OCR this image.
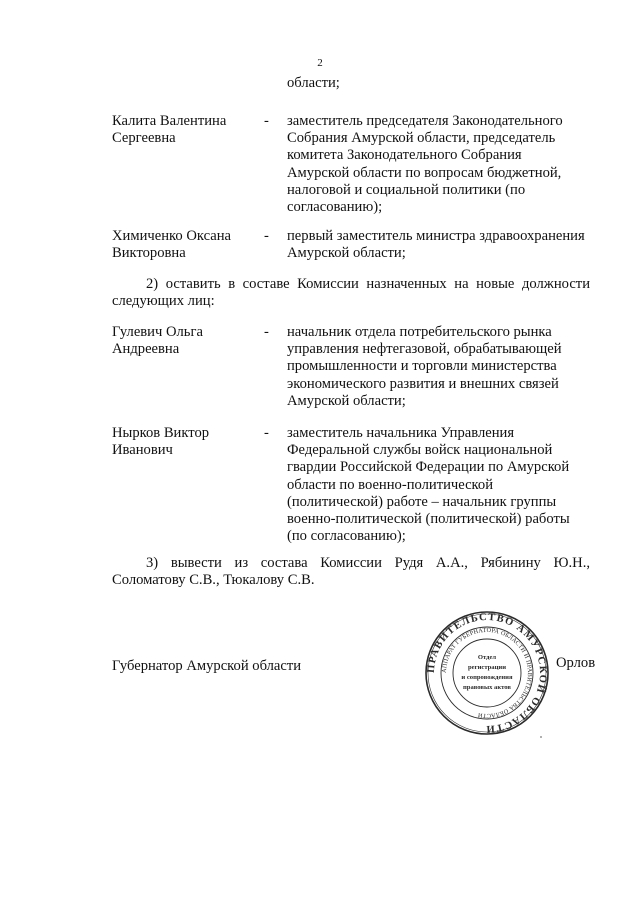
2
области;
Калита Валентина
Сергеевна
- заместитель председателя Законодательного
Собрания Амурской области, председатель
комитета Законодательного Собрания
Амурской области по вопросам бюджетной,
налоговой и социальной политики (по
согласованию);
Химиченко Оксана
Викторовна
- первый заместитель министра здравоохранения
Амурской области;
2) оставить в составе Комиссии назначенных на новые должности
следующих лиц:
Гулевич Ольга
Андреевна
- начальник отдела потребительского рынка
управления нефтегазовой, обрабатывающей
промышленности и торговли министерства
экономического развития и внешних связей
Амурской области;
Нырков Виктор
Иванович
- заместитель начальника Управления
Федеральной службы войск национальной
гвардии Российской Федерации по Амурской
области по военно-политической
(политической) работе – начальник группы
военно-политической (политической) работы
(по согласованию);
3) вывести из состава Комиссии Рудя А.А., Рябинину Ю.Н.,
Соломатову С.В., Тюкалову С.В.
Губернатор Амурской области	Орлов
ПРАВИТЕЛЬСТВО АМУРСКОЙ ОБЛАСТИ
АППАРАТ ГУБЕРНАТОРА ОБЛАСТИ И ПРАВИТЕЛЬСТВА ОБЛАСТИ
Отдел
регистрации
и сопровождения
правовых актов
